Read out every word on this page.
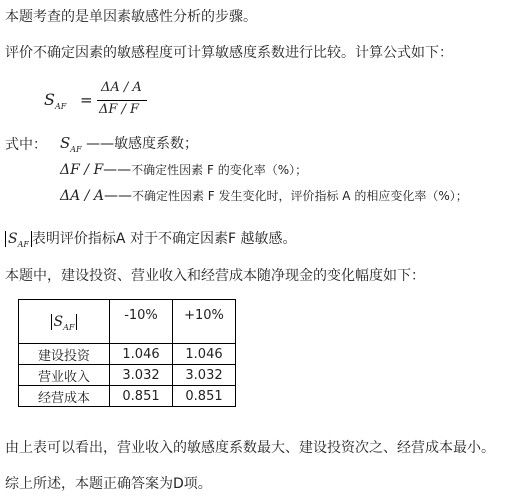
本题考查的是单因素敏感性分析的步骤。
评价不确定因素的敏感程度可计算敏感度系数进行比较。计算公式如下：
$S_{AF}$ =
ΔA / A
ΔF / F
式中： $S_{AF}$ ——敏感度系数；
ΔF / F——不确定性因素 F 的变化率（%）；
ΔA / A——不确定性因素 F 发生变化时，评价指标 A 的相应变化率（%）；
$S_{AF}$ 表明评价指标A 对于不确定因素F 越敏感。
本题中，建设投资、营业收入和经营成本随净现金的变化幅度如下：
$S_{AF}$	-10%	+10%
建设投资	1.046	1.046
营业收入	3.032	3.032
经营成本	0.851	0.851
由上表可以看出，营业收入的敏感度系数最大、建设投资次之、经营成本最小。
综上所述，本题正确答案为D项。
